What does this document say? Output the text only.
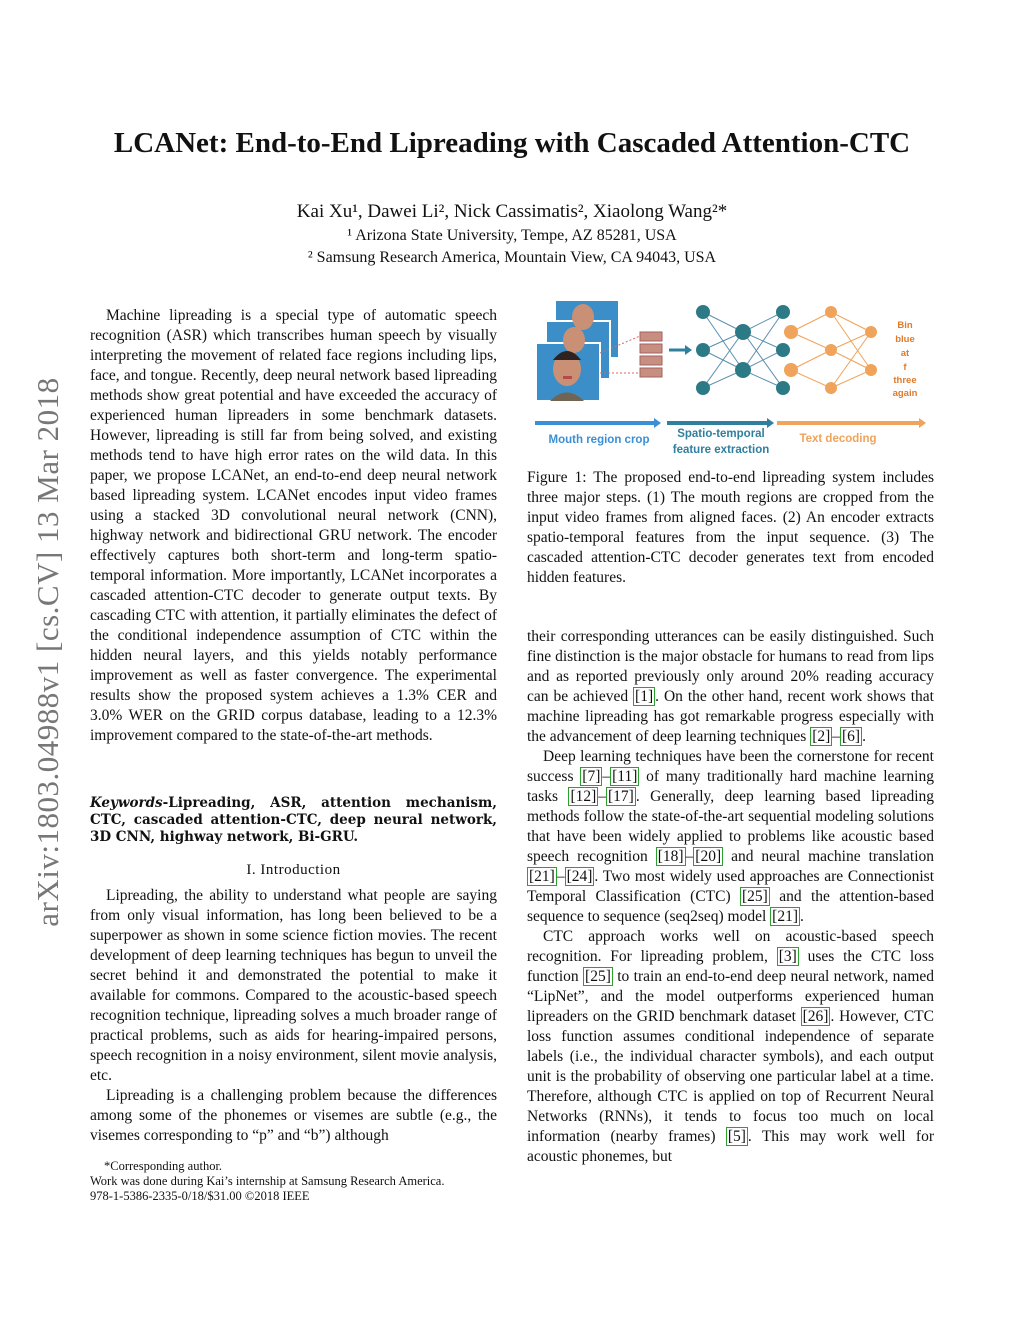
arXiv:1803.04988v1 [cs.CV] 13 Mar 2018
LCANet: End-to-End Lipreading with Cascaded Attention-CTC
Kai Xu¹, Dawei Li², Nick Cassimatis², Xiaolong Wang²*
¹ Arizona State University, Tempe, AZ 85281, USA
² Samsung Research America, Mountain View, CA 94043, USA

Machine lipreading is a special type of automatic speech recognition (ASR) which transcribes human speech by visually interpreting the movement of related face regions including lips, face, and tongue. Recently, deep neural network based lipreading methods show great potential and have exceeded the accuracy of experienced human lipreaders in some benchmark datasets. However, lipreading is still far from being solved, and existing methods tend to have high error rates on the wild data. In this paper, we propose LCANet, an end-to-end deep neural network based lipreading system. LCANet encodes input video frames using a stacked 3D convolutional neural network (CNN), highway network and bidirectional GRU network. The encoder effectively captures both short-term and long-term spatio-temporal information. More importantly, LCANet incorporates a cascaded attention-CTC decoder to generate output texts. By cascading CTC with attention, it partially eliminates the defect of the conditional independence assumption of CTC within the hidden neural layers, and this yields notably performance improvement as well as faster convergence. The experimental results show the proposed system achieves a 1.3% CER and 3.0% WER on the GRID corpus database, leading to a 12.3% improvement compared to the state-of-the-art methods.

Keywords-Lipreading, ASR, attention mechanism, CTC, cascaded attention-CTC, deep neural network, 3D CNN, highway network, Bi-GRU.
I. Introduction

Lipreading, the ability to understand what people are saying from only visual information, has long been believed to be a superpower as shown in some science fiction movies. The recent development of deep learning techniques has begun to unveil the secret behind it and demonstrated the potential to make it available for commons. Compared to the acoustic-based speech recognition technique, lipreading solves a much broader range of practical problems, such as aids for hearing-impaired persons, speech recognition in a noisy environment, silent movie analysis, etc.

Lipreading is a challenging problem because the differences among some of the phonemes or visemes are subtle (e.g., the visemes corresponding to “p” and “b”) although

*Corresponding author.
Work was done during Kai’s internship at Samsung Research America.
978-1-5386-2335-0/18/$31.00 ©2018 IEEE
Bin
blue
at
f
three
again
Mouth region crop Spatio-temporal
feature extraction
Text decoding
Figure 1: The proposed end-to-end lipreading system includes three major steps. (1) The mouth regions are cropped from the input video frames from aligned faces. (2) An encoder extracts spatio-temporal features from the input sequence. (3) The cascaded attention-CTC decoder generates text from encoded hidden features.

their corresponding utterances can be easily distinguished. Such fine distinction is the major obstacle for humans to read from lips and as reported previously only around 20% reading accuracy can be achieved [1] . On the other hand, recent work shows that machine lipreading has got remarkable progress especially with the advancement of deep learning techniques [2] – [6] .

Deep learning techniques have been the cornerstone for recent success [7] – [11] of many traditionally hard machine learning tasks [12] – [17] . Generally, deep learning based lipreading methods follow the state-of-the-art sequential modeling solutions that have been widely applied to problems like acoustic based speech recognition [18] – [20] and neural machine translation [21] – [24] . Two most widely used approaches are Connectionist Temporal Classification (CTC) [25] and the attention-based sequence to sequence (seq2seq) model [21] .

CTC approach works well on acoustic-based speech recognition. For lipreading problem, [3] uses the CTC loss function [25] to train an end-to-end deep neural network, named “LipNet”, and the model outperforms experienced human lipreaders on the GRID benchmark dataset [26] . However, CTC loss function assumes conditional independence of separate labels (i.e., the individual character symbols), and each output unit is the probability of observing one particular label at a time. Therefore, although CTC is applied on top of Recurrent Neural Networks (RNNs), it tends to focus too much on local information (nearby frames) [5] . This may work well for acoustic phonemes, but
